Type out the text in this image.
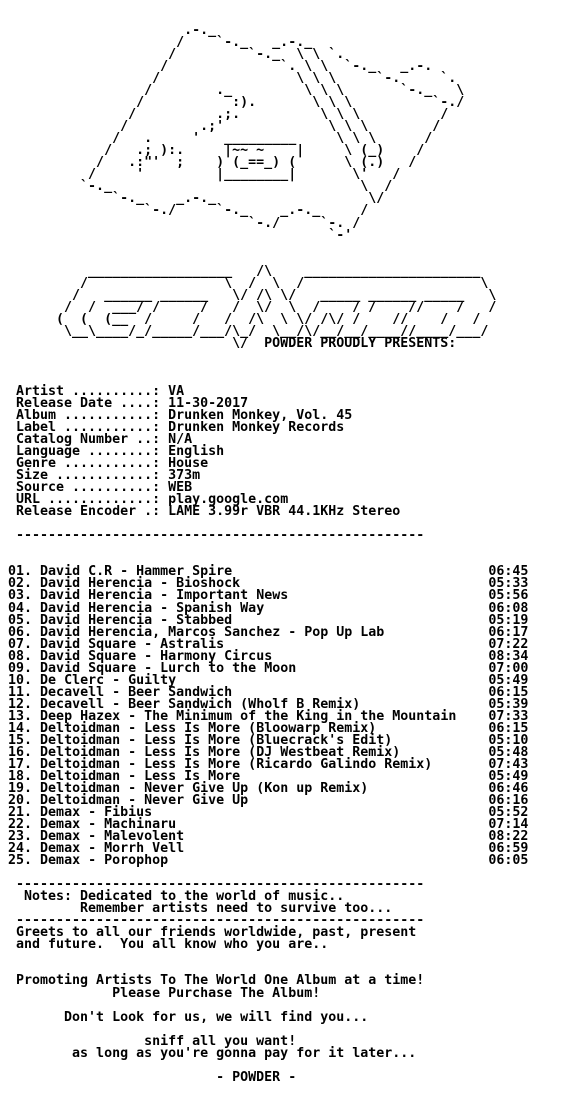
.-._
/    `-._   _.-._
/         `-._  \ \ `.
/              `. \ \  `-._   _.-.
/                 \ \ \     `-.     `.
/        ._         \ \ \       `-._   \
/           :).       \ \ \          `-./
/          .;.          \ \ \          /
/         .;'             \ \ \        /
/   .     '   _________     \ \ \      /
/   .; ):.     |~~ ~    |     \ (_)    /
/   .:"'  ;    ) (_==_) (      \ (.)   /
/     '         |________|       \'   /
`-._                               \  /
`-._    _.-._                   \/
`-./     `-._    _.-._     /
`-./     `-. /
`-'
__________________   /\    ______________________
/                 \  /  \  /                      \
/   ______ ______   \/ /\ \/   _____ ______ _____   \
/  /  ___/ /     /   /  \/  \  /    / /    //    /   /
(  (  (__  /     /   /  /\  \ \/ /\/ /    //    /   /
\__\____/_/_____/___/\_/  \__/\/__/__/____//____/___/
\/  POWDER PROUDLY PRESENTS:
Artist ..........: VA
Release Date ....: 11-30-2017
Album ...........: Drunken Monkey, Vol. 45
Label ...........: Drunken Monkey Records
Catalog Number ..: N/A
Language ........: English
Genre ...........: House
Size ............: 373m
Source ..........: WEB
URL .............: play.google.com
Release Encoder .: LAME 3.99r VBR 44.1KHz Stereo
---------------------------------------------------
01. David C.R - Hammer Spire	06:45
02. David Herencia - Bioshock	05:33
03. David Herencia - Important News	05:56
04. David Herencia - Spanish Way	06:08
05. David Herencia - Stabbed	05:19
06. David Herencia, Marcos Sanchez - Pop Up Lab	06:17
07. David Square - Astralis	07:22
08. David Square - Harmony Circus	08:34
09. David Square - Lurch to the Moon	07:00
10. De Clerc - Guilty	05:49
11. Decavell - Beer Sandwich	06:15
12. Decavell - Beer Sandwich (Wholf B Remix)	05:39
13. Deep Hazex - The Minimum of the King in the Mountain 07:33
14. Deltoidman - Less Is More (Bloowarp Remix)	06:15
15. Deltoidman - Less Is More (Bluecrack's Edit)	05:10
16. Deltoidman - Less Is More (DJ Westbeat Remix)	05:48
17. Deltoidman - Less Is More (Ricardo Galindo Remix)	07:43
18. Deltoidman - Less Is More	05:49
19. Deltoidman - Never Give Up (Kon up Remix)	06:46
20. Deltoidman - Never Give Up	06:16
21. Demax - Fibius	05:52
22. Demax - Machinaru	07:14
23. Demax - Malevolent	08:22
24. Demax - Morrh Vell	06:59
25. Demax - Porophop	06:05
---------------------------------------------------
Notes: Dedicated to the world of music..
Remember artists need to survive too...
---------------------------------------------------
Greets to all our friends worldwide, past, present
and future.  You all know who you are..
Promoting Artists To The World One Album at a time!
Please Purchase The Album!
Don't Look for us, we will find you...
sniff all you want!
as long as you're gonna pay for it later...
- POWDER -
